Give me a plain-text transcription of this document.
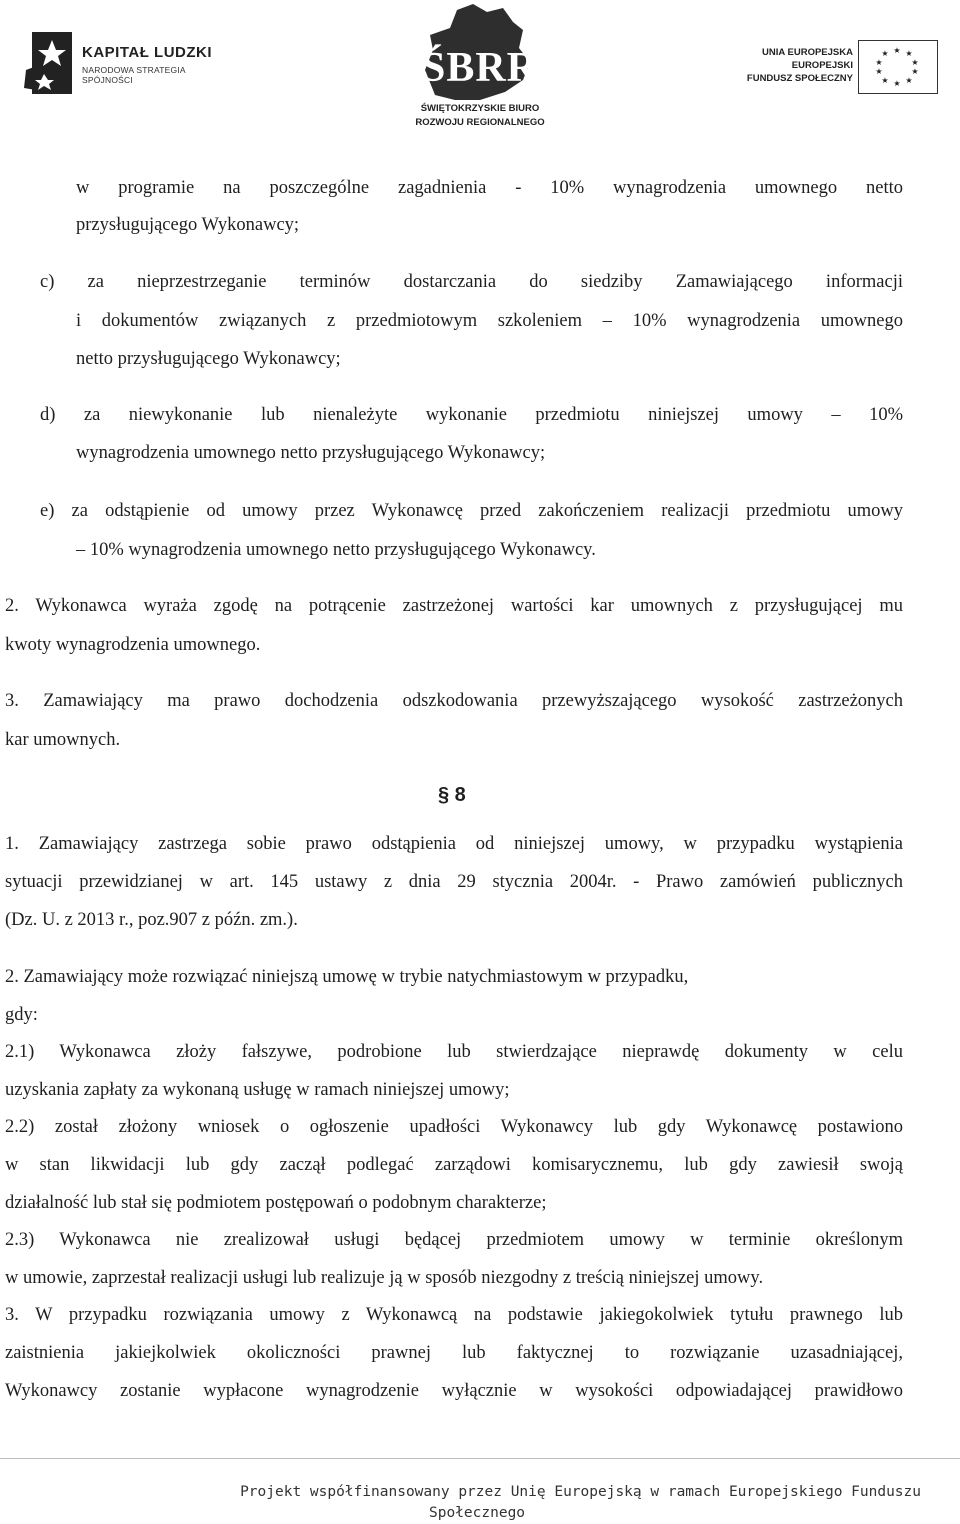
KAPITAŁ LUDZKI
NARODOWA STRATEGIA SPÓJNOŚCI	ŚBRR
ŚWIĘTOKRZYSKIE BIURO
ROZWOJU REGIONALNEGO
UNIA EUROPEJSKA
EUROPEJSKI
FUNDUSZ SPOŁECZNY
★ ★
★
★
★
★
★
★
★
★
w programie na poszczególne zagadnienia - 10% wynagrodzenia umownego netto
przysługującego Wykonawcy;
c) za nieprzestrzeganie terminów dostarczania do siedziby Zamawiającego informacji
i dokumentów związanych z przedmiotowym szkoleniem – 10% wynagrodzenia umownego
netto przysługującego Wykonawcy;
d) za niewykonanie lub nienależyte wykonanie przedmiotu niniejszej umowy – 10%
wynagrodzenia umownego netto przysługującego Wykonawcy;
e) za odstąpienie od umowy przez Wykonawcę przed zakończeniem realizacji przedmiotu umowy
– 10% wynagrodzenia umownego netto przysługującego Wykonawcy.
2. Wykonawca wyraża zgodę na potrącenie zastrzeżonej wartości kar umownych z przysługującej mu
kwoty wynagrodzenia umownego.
3. Zamawiający ma prawo dochodzenia odszkodowania przewyższającego wysokość zastrzeżonych
kar umownych.
§ 8
1. Zamawiający zastrzega sobie prawo odstąpienia od niniejszej umowy, w przypadku wystąpienia
sytuacji przewidzianej w art. 145 ustawy z dnia 29 stycznia 2004r. - Prawo zamówień publicznych
(Dz. U. z 2013 r., poz.907 z późn. zm.).
2. Zamawiający może rozwiązać niniejszą umowę w trybie natychmiastowym w przypadku,
gdy:
2.1) Wykonawca złoży fałszywe, podrobione lub stwierdzające nieprawdę dokumenty w celu
uzyskania zapłaty za wykonaną usługę w ramach niniejszej umowy;
2.2) został złożony wniosek o ogłoszenie upadłości Wykonawcy lub gdy Wykonawcę postawiono
w stan likwidacji lub gdy zaczął podlegać zarządowi komisarycznemu, lub gdy zawiesił swoją
działalność lub stał się podmiotem postępowań o podobnym charakterze;
2.3) Wykonawca nie zrealizował usługi będącej przedmiotem umowy w terminie określonym
w umowie, zaprzestał realizacji usługi lub realizuje ją w sposób niezgodny z treścią niniejszej umowy.
3. W przypadku rozwiązania umowy z Wykonawcą na podstawie jakiegokolwiek tytułu prawnego lub
zaistnienia jakiejkolwiek okoliczności prawnej lub faktycznej to rozwiązanie uzasadniającej,
Wykonawcy zostanie wypłacone wynagrodzenie wyłącznie w wysokości odpowiadającej prawidłowo
Projekt współfinansowany przez Unię Europejską w ramach Europejskiego Funduszu
Społecznego
